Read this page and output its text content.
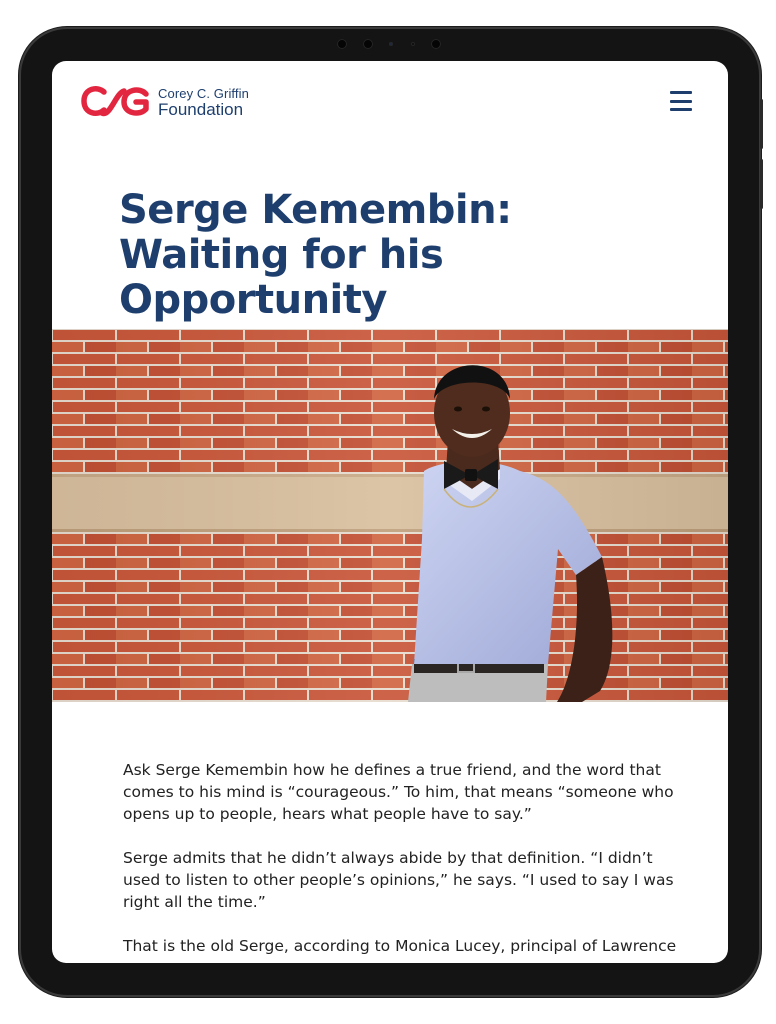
Corey C. Griffin
Foundation
Serge Kemembin: Waiting for his Opportunity

Ask Serge Kemembin how he defines a true friend, and the word that comes to his mind is “courageous.” To him, that means “someone who opens up to people, hears what people have to say.”

Serge admits that he didn’t always abide by that definition. “I didn’t used to listen to other people’s opinions,” he says. “I used to say I was right all the time.”

That is the old Serge, according to Monica Lucey, principal of Lawrence
